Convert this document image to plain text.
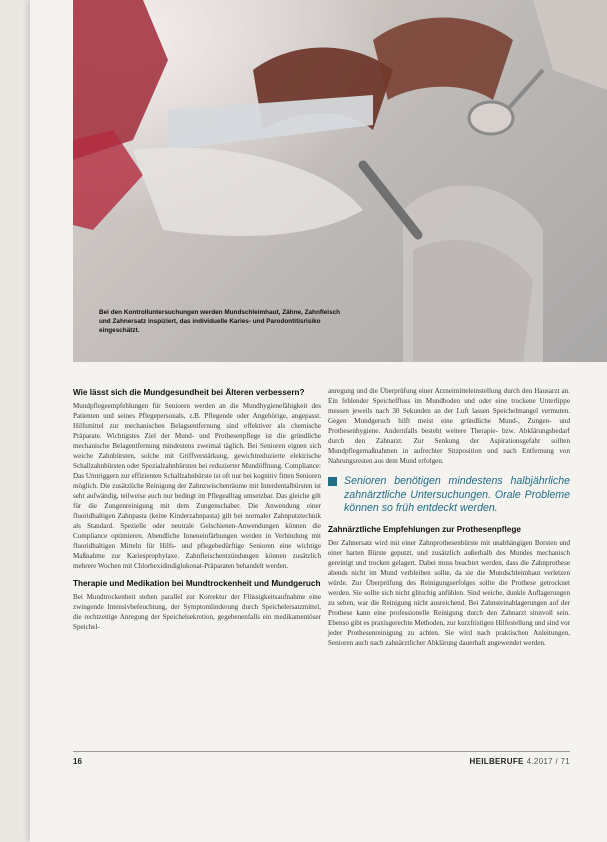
Bei den Kontrolluntersuchungen werden Mundschleimhaut, Zähne, Zahnfleisch und Zahnersatz inspiziert, das individuelle Karies- und Parodontitisrisiko eingeschätzt.
Wie lässt sich die Mundgesundheit bei Älteren verbessern?

Mundpflegeempfehlungen für Senioren werden an die Mundhygienefähigkeit des Patienten und seines Pflegepersonals, z.B. Pflegende oder Angehörige, angepasst. Hilfsmittel zur mechanischen Belagsentfernung sind effektiver als chemische Präparate. Wichtigstes Ziel der Mund- und Prothesenpflege ist die gründliche mechanische Belagentfernung mindestens zweimal täglich. Bei Senioren eignen sich weiche Zahnbürsten, solche mit Griffverstärkung, gewichtreduzierte elektrische Schallzahnbürsten oder Spezialzahnbürsten bei reduzierter Mundöffnung. Compliance: Das Umtriggern zur effizienten Schallzahnbürste ist oft nur bei kognitiv fitten Senioren möglich. Die zusätzliche Reinigung der Zahnzwischenräume mit Interdentalbürsten ist sehr aufwändig, teilweise auch nur bedingt im Pflegealltag umsetzbar. Das gleiche gilt für die Zungenreinigung mit dem Zungenschaber. Die Anwendung einer fluoridhaltigen Zahnpasta (keine Kinderzahnpasta) gilt bei normaler Zahnputztechnik als Standard. Spezielle oder neutrale Gelschienen-Anwendungen können die Compliance optimieren. Abendliche Inneneinfärbungen werden in Verbindung mit fluoridhaltigen Mitteln für Hilfs- und pflegebedürftige Senioren eine wichtige Maßnahme zur Kariesprophylaxe. Zahnfleischentzündungen können zusätzlich mehrere Wochen mit Chlorhexidindiglukonat-Präparaten behandelt werden.

Therapie und Medikation bei Mundtrockenheit und Mundgeruch

Bei Mundtrockenheit stehen parallel zur Korrektur der Flüssigkeitsaufnahme eine zwingende Intensivbefeuchtung, der Symptomlinderung durch Speichelersatzmittel, die rechtzeitige Anregung der Speichelsekretion, gegebenenfalls ein medikamentöser Speichel-

anregung und die Überprüfung einer Arzneimitteleinstellung durch den Hausarzt an. Ein fehlender Speichelfluss im Mundboden und oder eine trockene Unterlippe messen jeweils nach 30 Sekunden an der Luft lassen Speichelmangel vermuten. Gegen Mundgeruch hilft meist eine gründliche Mund-, Zungen- und Prothesenhygiene. Andernfalls besteht weitere Therapie- bzw. Abklärungsbedarf durch den Zahnarzt. Zur Senkung der Aspirationsgefahr sollten Mundpflegemaßnahmen in aufrechter Sitzposition und nach Entfernung von Nahrungsresten aus dem Mund erfolgen.

Senioren benötigen mindestens halbjährliche zahnärztliche Untersuchungen. Orale Probleme können so früh entdeckt werden.
Zahnärztliche Empfehlungen zur Prothesenpflege

Der Zahnersatz wird mit einer Zahnprothesenbürste mit unabhängigen Borsten und einer harten Bürste geputzt, und zusätzlich außerhalb des Mundes mechanisch gereinigt und trocken gelagert. Dabei muss beachtet werden, dass die Zahnprothese abends nicht im Mund verbleiben sollte, da sie die Mundschleimhaut verletzen würde. Zur Überprüfung des Reinigungserfolges sollte die Prothese getrocknet werden. Sie sollte sich nicht glitschig anfühlen. Sind weiche, dunkle Auflagerungen zu sehen, war die Reinigung nicht ausreichend. Bei Zahnsteinablagerungen auf der Prothese kann eine professionelle Reinigung durch den Zahnarzt sinnvoll sein. Ebenso gibt es praxisgerechte Methoden, zur kurzfristigen Hilfestellung und sind vor jeder Prothesenreinigung zu achten. Sie wird nach praktischen Anleitungen, Senioren auch nach zahnärztlicher Abklärung dauerhaft angewendet werden.

16	HEILBERUFE 4.2017 / 71
